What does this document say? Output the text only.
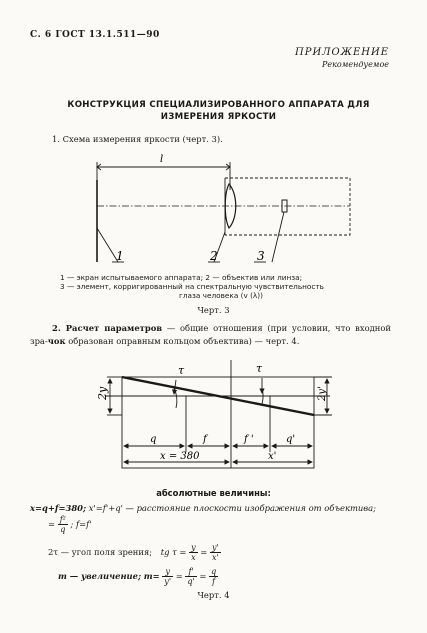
С. 6 ГОСТ 13.1.511—90
ПРИЛОЖЕНИЕ
Рекомендуемое
КОНСТРУКЦИЯ СПЕЦИАЛИЗИРОВАННОГО АППАРАТА ДЛЯ
ИЗМЕРЕНИЯ ЯРКОСТИ
1. Схема измерения яркости (черт. 3).
l
1	2	3
1 — экран испытываемого аппарата; 2 — объектив или линза;
3 — элемент, корригированный на спектральную чувствительность
глаза человека (v (λ))
Черт. 3
2. Расчет параметров — общие отношения (при условии, что входной зра-чок образован оправным кольцом объектива) — черт. 4.
2y	2y'
τ	τ
q	f	f '	q'
x = 380	x'
абсолютные величины:
x=q+f=380; x'=f'+q' — расстояние плоскости изображения от объектива;
= $\frac{\text{f²}}{q}$ ; f=f'
2τ — угол поля зрения; tg $\tau = \frac{y}{x} = \frac{y'}{x'}$
m — увеличение; $m= \frac{y}{y'} = \frac{f'}{q'} = \frac{q}{f}$
Черт. 4
